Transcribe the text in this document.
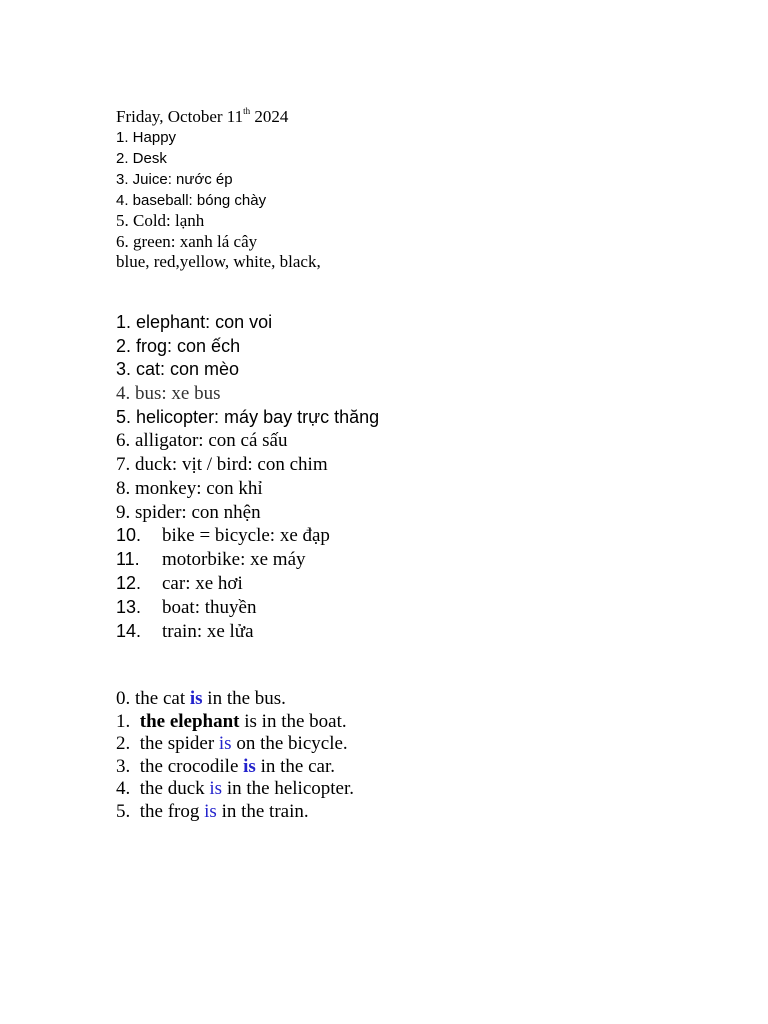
Friday, October 11th 2024
1. Happy
2. Desk
3. Juice: nước ép
4. baseball: bóng chày
5. Cold: lạnh
6. green: xanh lá cây
blue, red,yellow, white, black,
1. elephant: con voi
2. frog: con ếch
3. cat: con mèo
4. bus: xe bus
5. helicopter: máy bay trực thăng
6. alligator: con cá sấu
7. duck: vịt / bird: con chim
8. monkey: con khỉ
9. spider: con nhện
10. bike = bicycle: xe đạp
11. motorbike: xe máy
12. car: xe hơi
13. boat: thuyền
14. train: xe lửa
0. the cat is in the bus.
1.  the elephant is in the boat.
2.  the spider is on the bicycle.
3.  the crocodile is in the car.
4.  the duck is in the helicopter.
5.  the frog is in the train.
